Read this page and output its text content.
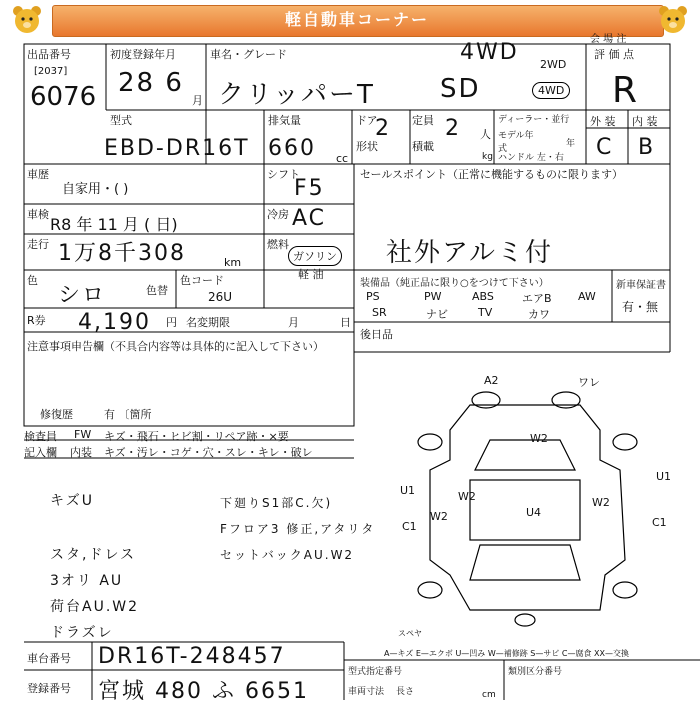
軽自動車コーナー
会 場 注
出品番号
[2037]
6076
初度登録年月
28 6
月
車名・グレード
クリッパーT	SD
4WD 2WD
4WD
評 価 点
R
外 装 内 装
C B
型式
EBD-DR16T
排気量
660 cc
ドア
2 定員 2 人
形状	積載
kg
ディーラー・並行
モデル年式	年
ハンドル 左・右
車歴
自家用・( )
シフト
F5
セールスポイント（正常に機能するものに限ります）
社外アルミ付
車検
R8 年 11 月 ( 日)
冷房 AC
走行 1万8千308	km
燃料
ガソリン
軽 油
色
シロ	色替
色コード
26U
装備品（純正品に限り○をつけて下さい）
PS	PW	ABS	エアB AW
SR	ナビ	TV	カワ
新車保証書
有・無
R券 4,190 円 名変期限	月	日
後日品
注意事項申告欄（不具合内容等は具体的に記入して下さい）
修復歴	有 〔箇所
検査員 FW キズ・飛石・ヒビ割・リペア跡・×要
記入欄 内装 キズ・汚レ・コゲ・穴・スレ・キレ・破レ
キズU
スタ,ドレス
3オリ AU
荷台AU.W2
ドラズレ
下廻りS1部C.欠)
Fフロア3 修正,アタリタ
セットバックAU.W2
A2	ワレ
W2
U1	W2
C1
U4
W2
C1
U1
W2
スペヤ
A—キズ E—エクボ U—凹み W—補修跡 S—サビ C—腐食 XX—交換
車台番号 DR16T-248457
登録番号 宮城 480 ふ 6651
型式指定番号	類別区分番号
車両寸法 長さ	cm
